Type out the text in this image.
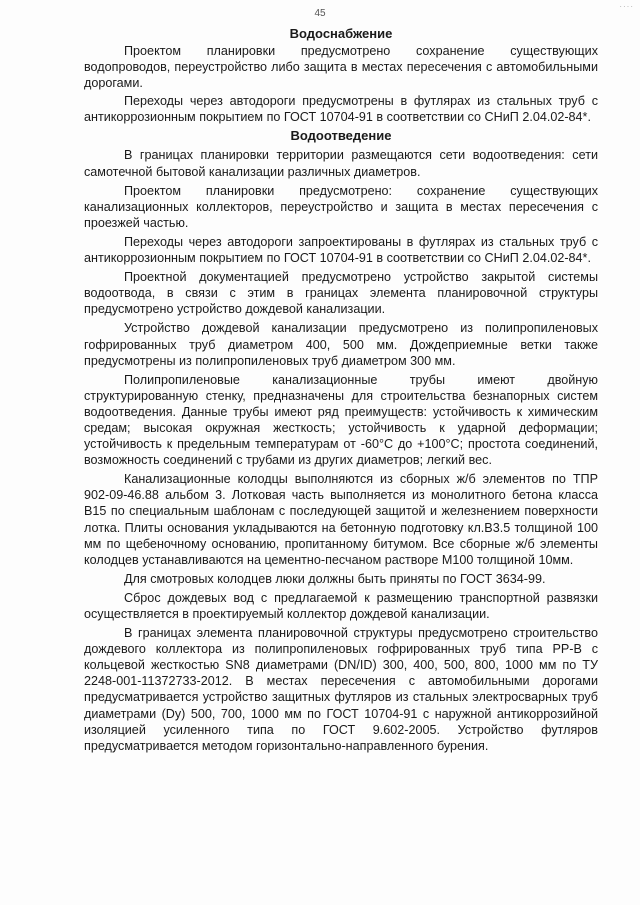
····
45
Водоснабжение

Проектом планировки предусмотрено сохранение существующих водопроводов, переустройство либо защита в местах пересечения с автомобильными дорогами.

Переходы через автодороги предусмотрены в футлярах из стальных труб с антикоррозионным покрытием по ГОСТ 10704-91 в соответствии со СНиП 2.04.02-84*.

Водоотведение

В границах планировки территории размещаются сети водоотведения: сети самотечной бытовой канализации различных диаметров.

Проектом планировки предусмотрено: сохранение существующих канализационных коллекторов, переустройство и защита в местах пересечения с проезжей частью.

Переходы через автодороги запроектированы в футлярах из стальных труб с антикоррозионным покрытием по ГОСТ 10704-91 в соответствии со СНиП 2.04.02-84*.

Проектной документацией предусмотрено устройство закрытой системы водоотвода, в связи с этим в границах элемента планировочной структуры предусмотрено устройство дождевой канализации.

Устройство дождевой канализации предусмотрено из полипропиленовых гофрированных труб диаметром 400, 500 мм. Дождеприемные ветки также предусмотрены из полипропиленовых труб диаметром 300 мм.

Полипропиленовые канализационные трубы имеют двойную структурированную стенку, предназначены для строительства безнапорных систем водоотведения. Данные трубы имеют ряд преимуществ: устойчивость к химическим средам; высокая окружная жесткость; устойчивость к ударной деформации; устойчивость к предельным температурам от -60°С до +100°С; простота соединений, возможность соединений с трубами из других диаметров; легкий вес.

Канализационные колодцы выполняются из сборных ж/б элементов по ТПР 902-09-46.88 альбом 3. Лотковая часть выполняется из монолитного бетона класса В15 по специальным шаблонам с последующей защитой и железнением поверхности лотка. Плиты основания укладываются на бетонную подготовку кл.В3.5 толщиной 100 мм по щебеночному основанию, пропитанному битумом. Все сборные ж/б элементы колодцев устанавливаются на цементно-песчаном растворе М100 толщиной 10мм.

Для смотровых колодцев люки должны быть приняты по ГОСТ 3634-99.

Сброс дождевых вод с предлагаемой к размещению транспортной развязки осуществляется в проектируемый коллектор дождевой канализации.

В границах элемента планировочной структуры предусмотрено строительство дождевого коллектора из полипропиленовых гофрированных труб типа PP-B с кольцевой жесткостью SN8 диаметрами (DN/ID) 300, 400, 500, 800, 1000 мм по ТУ 2248-001-11372733-2012. В местах пересечения с автомобильными дорогами предусматривается устройство защитных футляров из стальных электросварных труб диаметрами (Dy) 500, 700, 1000 мм по ГОСТ 10704-91 с наружной антикоррозийной изоляцией усиленного типа по ГОСТ 9.602-2005. Устройство футляров предусматривается методом горизонтально-направленного бурения.
